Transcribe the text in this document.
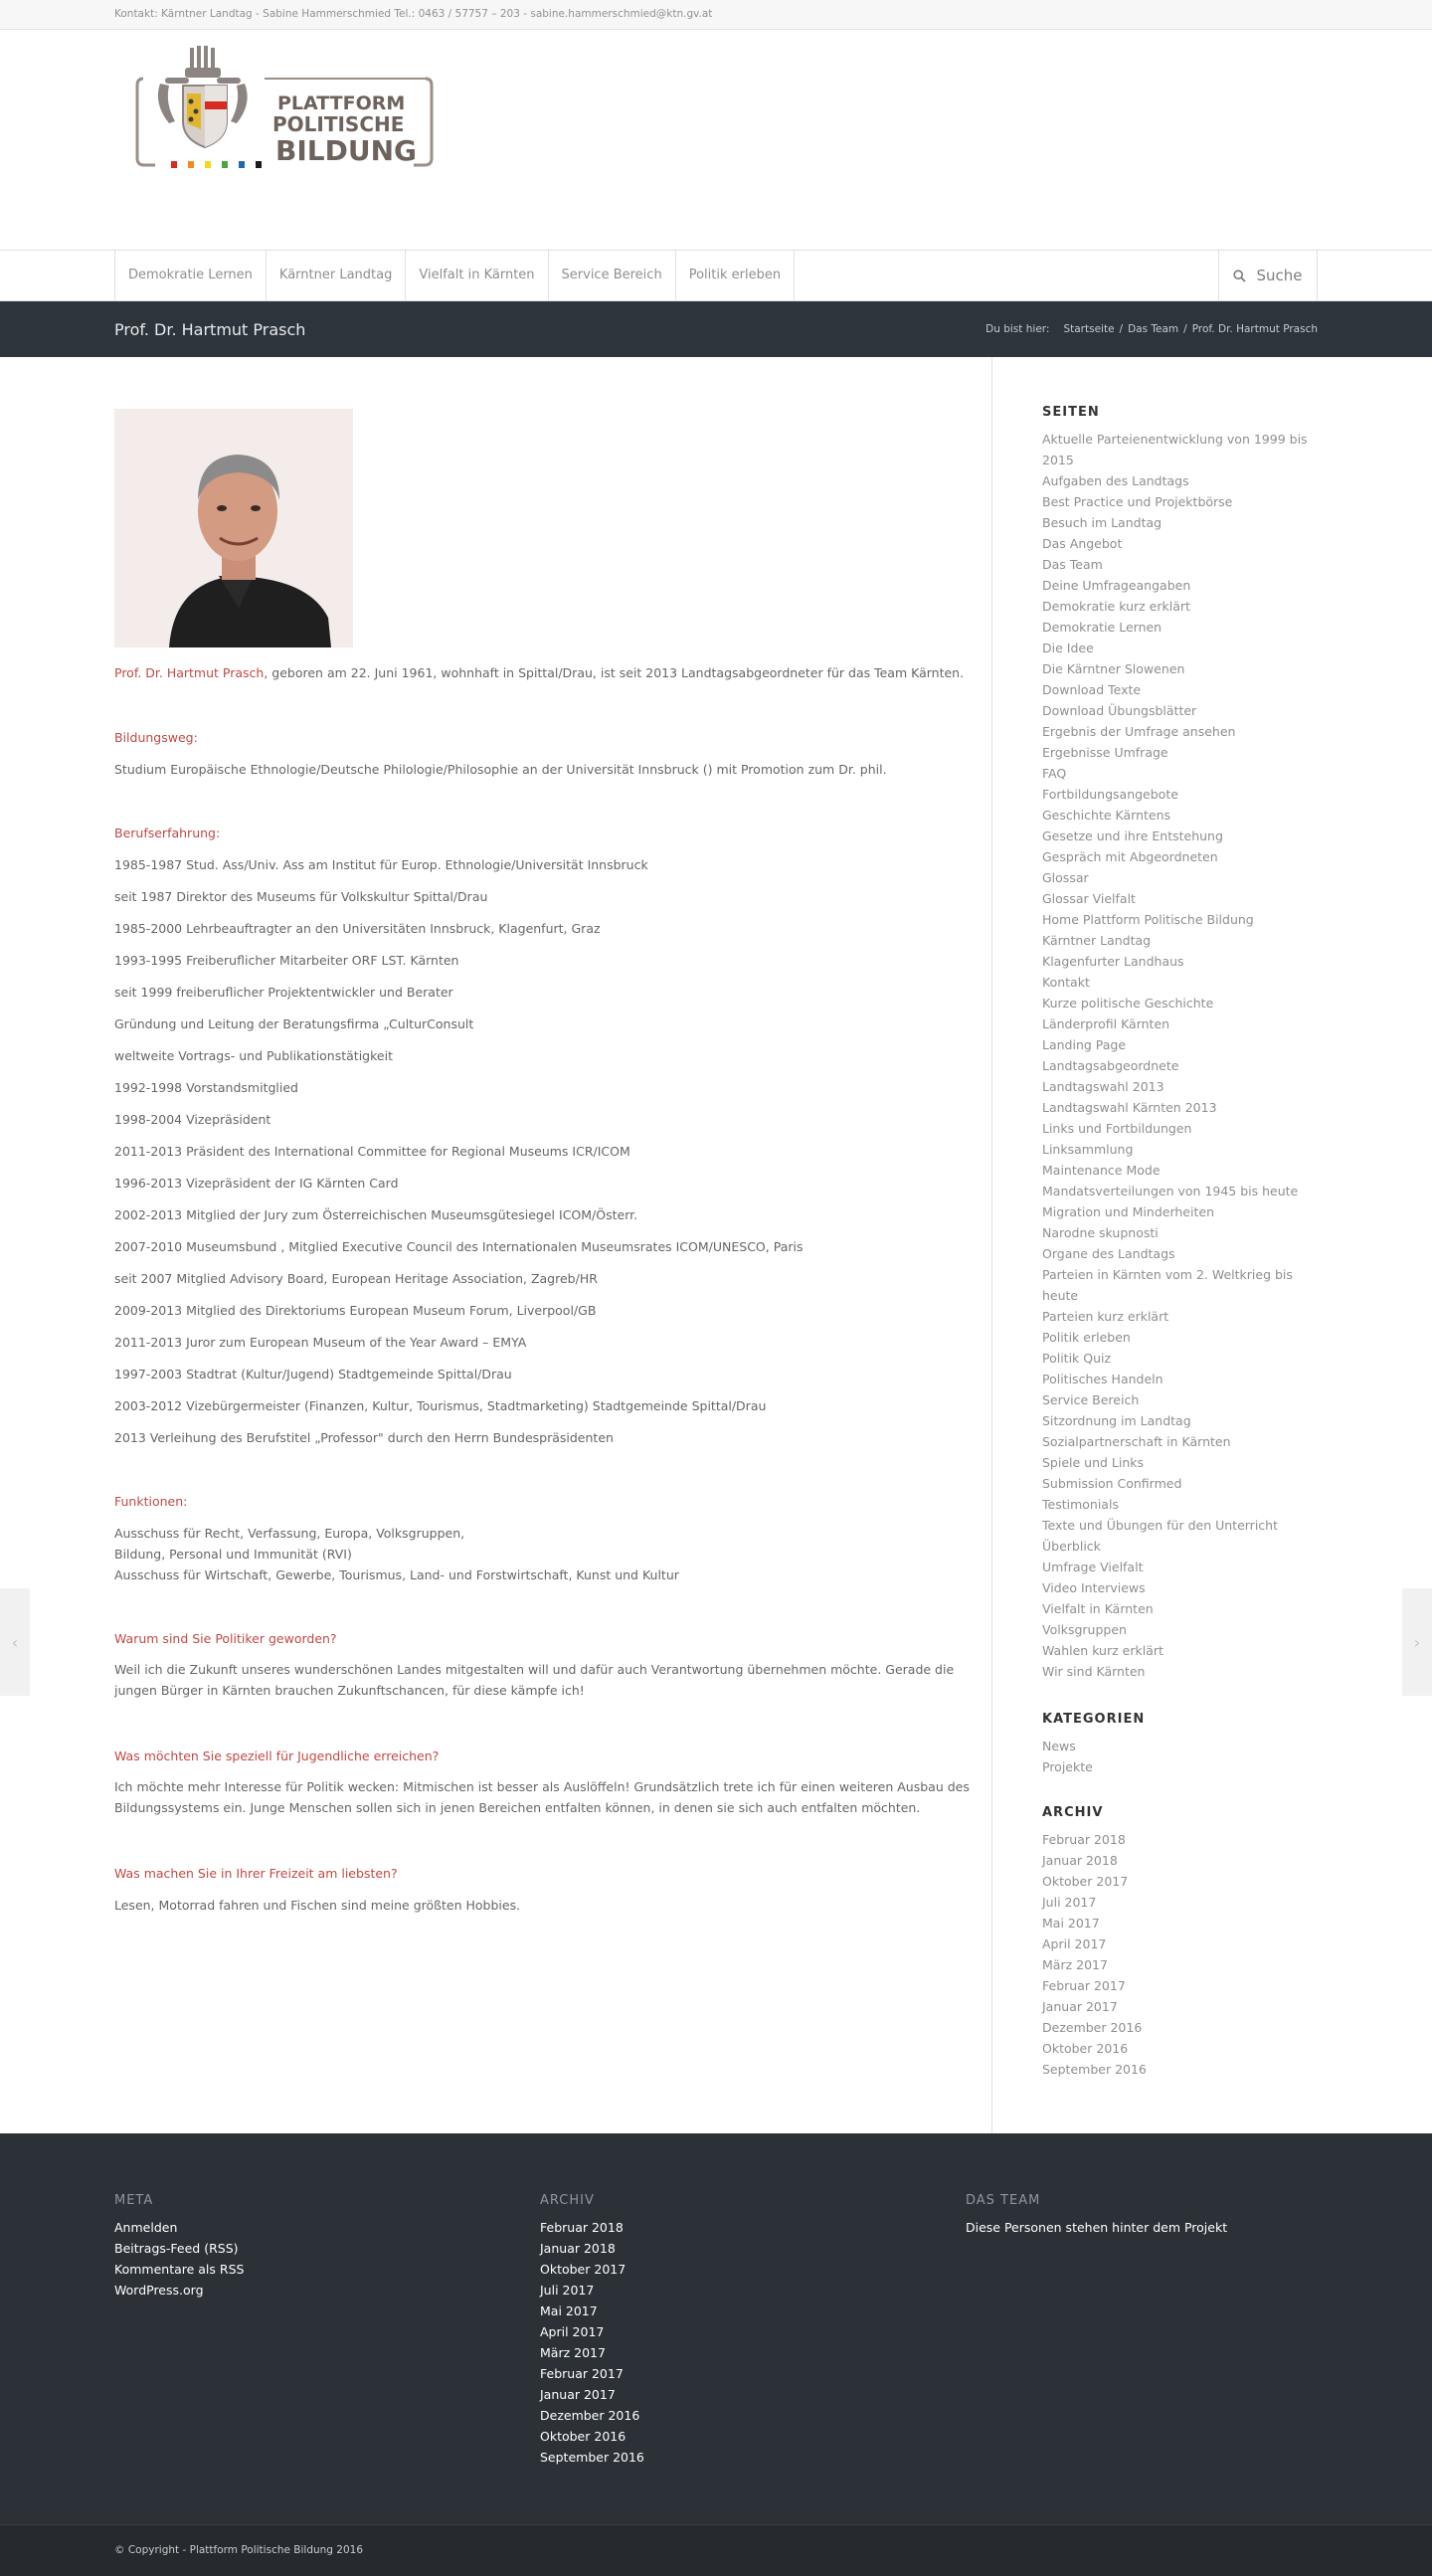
Kontakt: Kärntner Landtag - Sabine Hammerschmied Tel.: 0463 / 57757 – 203 - sabine.hammerschmied@ktn.gv.at
PLATTFORM
POLITISCHE
BILDUNG
Demokratie Lernen	Kärntner Landtag	Vielfalt in Kärnten	Service Bereich	Politik erleben	Suche
Prof. Dr. Hartmut Prasch	Du bist hier: Startseite / Das Team / Prof. Dr. Hartmut Prasch
‹	›
Prof. Dr. Hartmut Prasch, geboren am 22. Juni 1961, wohnhaft in Spittal/Drau, ist seit 2013 Landtagsabgeordneter für das Team Kärnten.
Bildungsweg:
Studium Europäische Ethnologie/Deutsche Philologie/Philosophie an der Universität Innsbruck () mit Promotion zum Dr. phil.
Berufserfahrung:
1985-1987 Stud. Ass/Univ. Ass am Institut für Europ. Ethnologie/Universität Innsbruck
seit 1987 Direktor des Museums für Volkskultur Spittal/Drau
1985-2000 Lehrbeauftragter an den Universitäten Innsbruck, Klagenfurt, Graz
1993-1995 Freiberuflicher Mitarbeiter ORF LST. Kärnten
seit 1999 freiberuflicher Projektentwickler und Berater
Gründung und Leitung der Beratungsfirma „CulturConsult
weltweite Vortrags- und Publikationstätigkeit
1992-1998 Vorstandsmitglied
1998-2004 Vizepräsident
2011-2013 Präsident des International Committee for Regional Museums ICR/ICOM
1996-2013 Vizepräsident der IG Kärnten Card
2002-2013 Mitglied der Jury zum Österreichischen Museumsgütesiegel ICOM/Österr.
2007-2010 Museumsbund , Mitglied Executive Council des Internationalen Museumsrates ICOM/UNESCO, Paris
seit 2007 Mitglied Advisory Board, European Heritage Association, Zagreb/HR
2009-2013 Mitglied des Direktoriums European Museum Forum, Liverpool/GB
2011-2013 Juror zum European Museum of the Year Award – EMYA
1997-2003 Stadtrat (Kultur/Jugend) Stadtgemeinde Spittal/Drau
2003-2012 Vizebürgermeister (Finanzen, Kultur, Tourismus, Stadtmarketing) Stadtgemeinde Spittal/Drau
2013 Verleihung des Berufstitel „Professor" durch den Herrn Bundespräsidenten
Funktionen:
Ausschuss für Recht, Verfassung, Europa, Volksgruppen,
Bildung, Personal und Immunität (RVI)
Ausschuss für Wirtschaft, Gewerbe, Tourismus, Land- und Forstwirtschaft, Kunst und Kultur
Warum sind Sie Politiker geworden?
Weil ich die Zukunft unseres wunderschönen Landes mitgestalten will und dafür auch Verantwortung übernehmen möchte. Gerade die jungen Bürger in Kärnten brauchen Zukunftschancen, für diese kämpfe ich!
Was möchten Sie speziell für Jugendliche erreichen?
Ich möchte mehr Interesse für Politik wecken: Mitmischen ist besser als Auslöffeln! Grundsätzlich trete ich für einen weiteren Ausbau des Bildungssystems ein. Junge Menschen sollen sich in jenen Bereichen entfalten können, in denen sie sich auch entfalten möchten.
Was machen Sie in Ihrer Freizeit am liebsten?
Lesen, Motorrad fahren und Fischen sind meine größten Hobbies.
SEITEN
Aktuelle Parteienentwicklung von 1999 bis 2015
Aufgaben des Landtags
Best Practice und Projektbörse
Besuch im Landtag
Das Angebot
Das Team
Deine Umfrageangaben
Demokratie kurz erklärt
Demokratie Lernen
Die Idee
Die Kärntner Slowenen
Download Texte
Download Übungsblätter
Ergebnis der Umfrage ansehen
Ergebnisse Umfrage
FAQ
Fortbildungsangebote
Geschichte Kärntens
Gesetze und ihre Entstehung
Gespräch mit Abgeordneten
Glossar
Glossar Vielfalt
Home Plattform Politische Bildung
Kärntner Landtag
Klagenfurter Landhaus
Kontakt
Kurze politische Geschichte
Länderprofil Kärnten
Landing Page
Landtagsabgeordnete
Landtagswahl 2013
Landtagswahl Kärnten 2013
Links und Fortbildungen
Linksammlung
Maintenance Mode
Mandatsverteilungen von 1945 bis heute
Migration und Minderheiten
Narodne skupnosti
Organe des Landtags
Parteien in Kärnten vom 2. Weltkrieg bis heute
Parteien kurz erklärt
Politik erleben
Politik Quiz
Politisches Handeln
Service Bereich
Sitzordnung im Landtag
Sozialpartnerschaft in Kärnten
Spiele und Links
Submission Confirmed
Testimonials
Texte und Übungen für den Unterricht
Überblick
Umfrage Vielfalt
Video Interviews
Vielfalt in Kärnten
Volksgruppen
Wahlen kurz erklärt
Wir sind Kärnten
KATEGORIEN
News
Projekte
ARCHIV
Februar 2018
Januar 2018
Oktober 2017
Juli 2017
Mai 2017
April 2017
März 2017
Februar 2017
Januar 2017
Dezember 2016
Oktober 2016
September 2016
META
Anmelden
Beitrags-Feed (RSS)
Kommentare als RSS
WordPress.org
ARCHIV
Februar 2018
Januar 2018
Oktober 2017
Juli 2017
Mai 2017
April 2017
März 2017
Februar 2017
Januar 2017
Dezember 2016
Oktober 2016
September 2016
DAS TEAM
Diese Personen stehen hinter dem Projekt
© Copyright - Plattform Politische Bildung 2016
